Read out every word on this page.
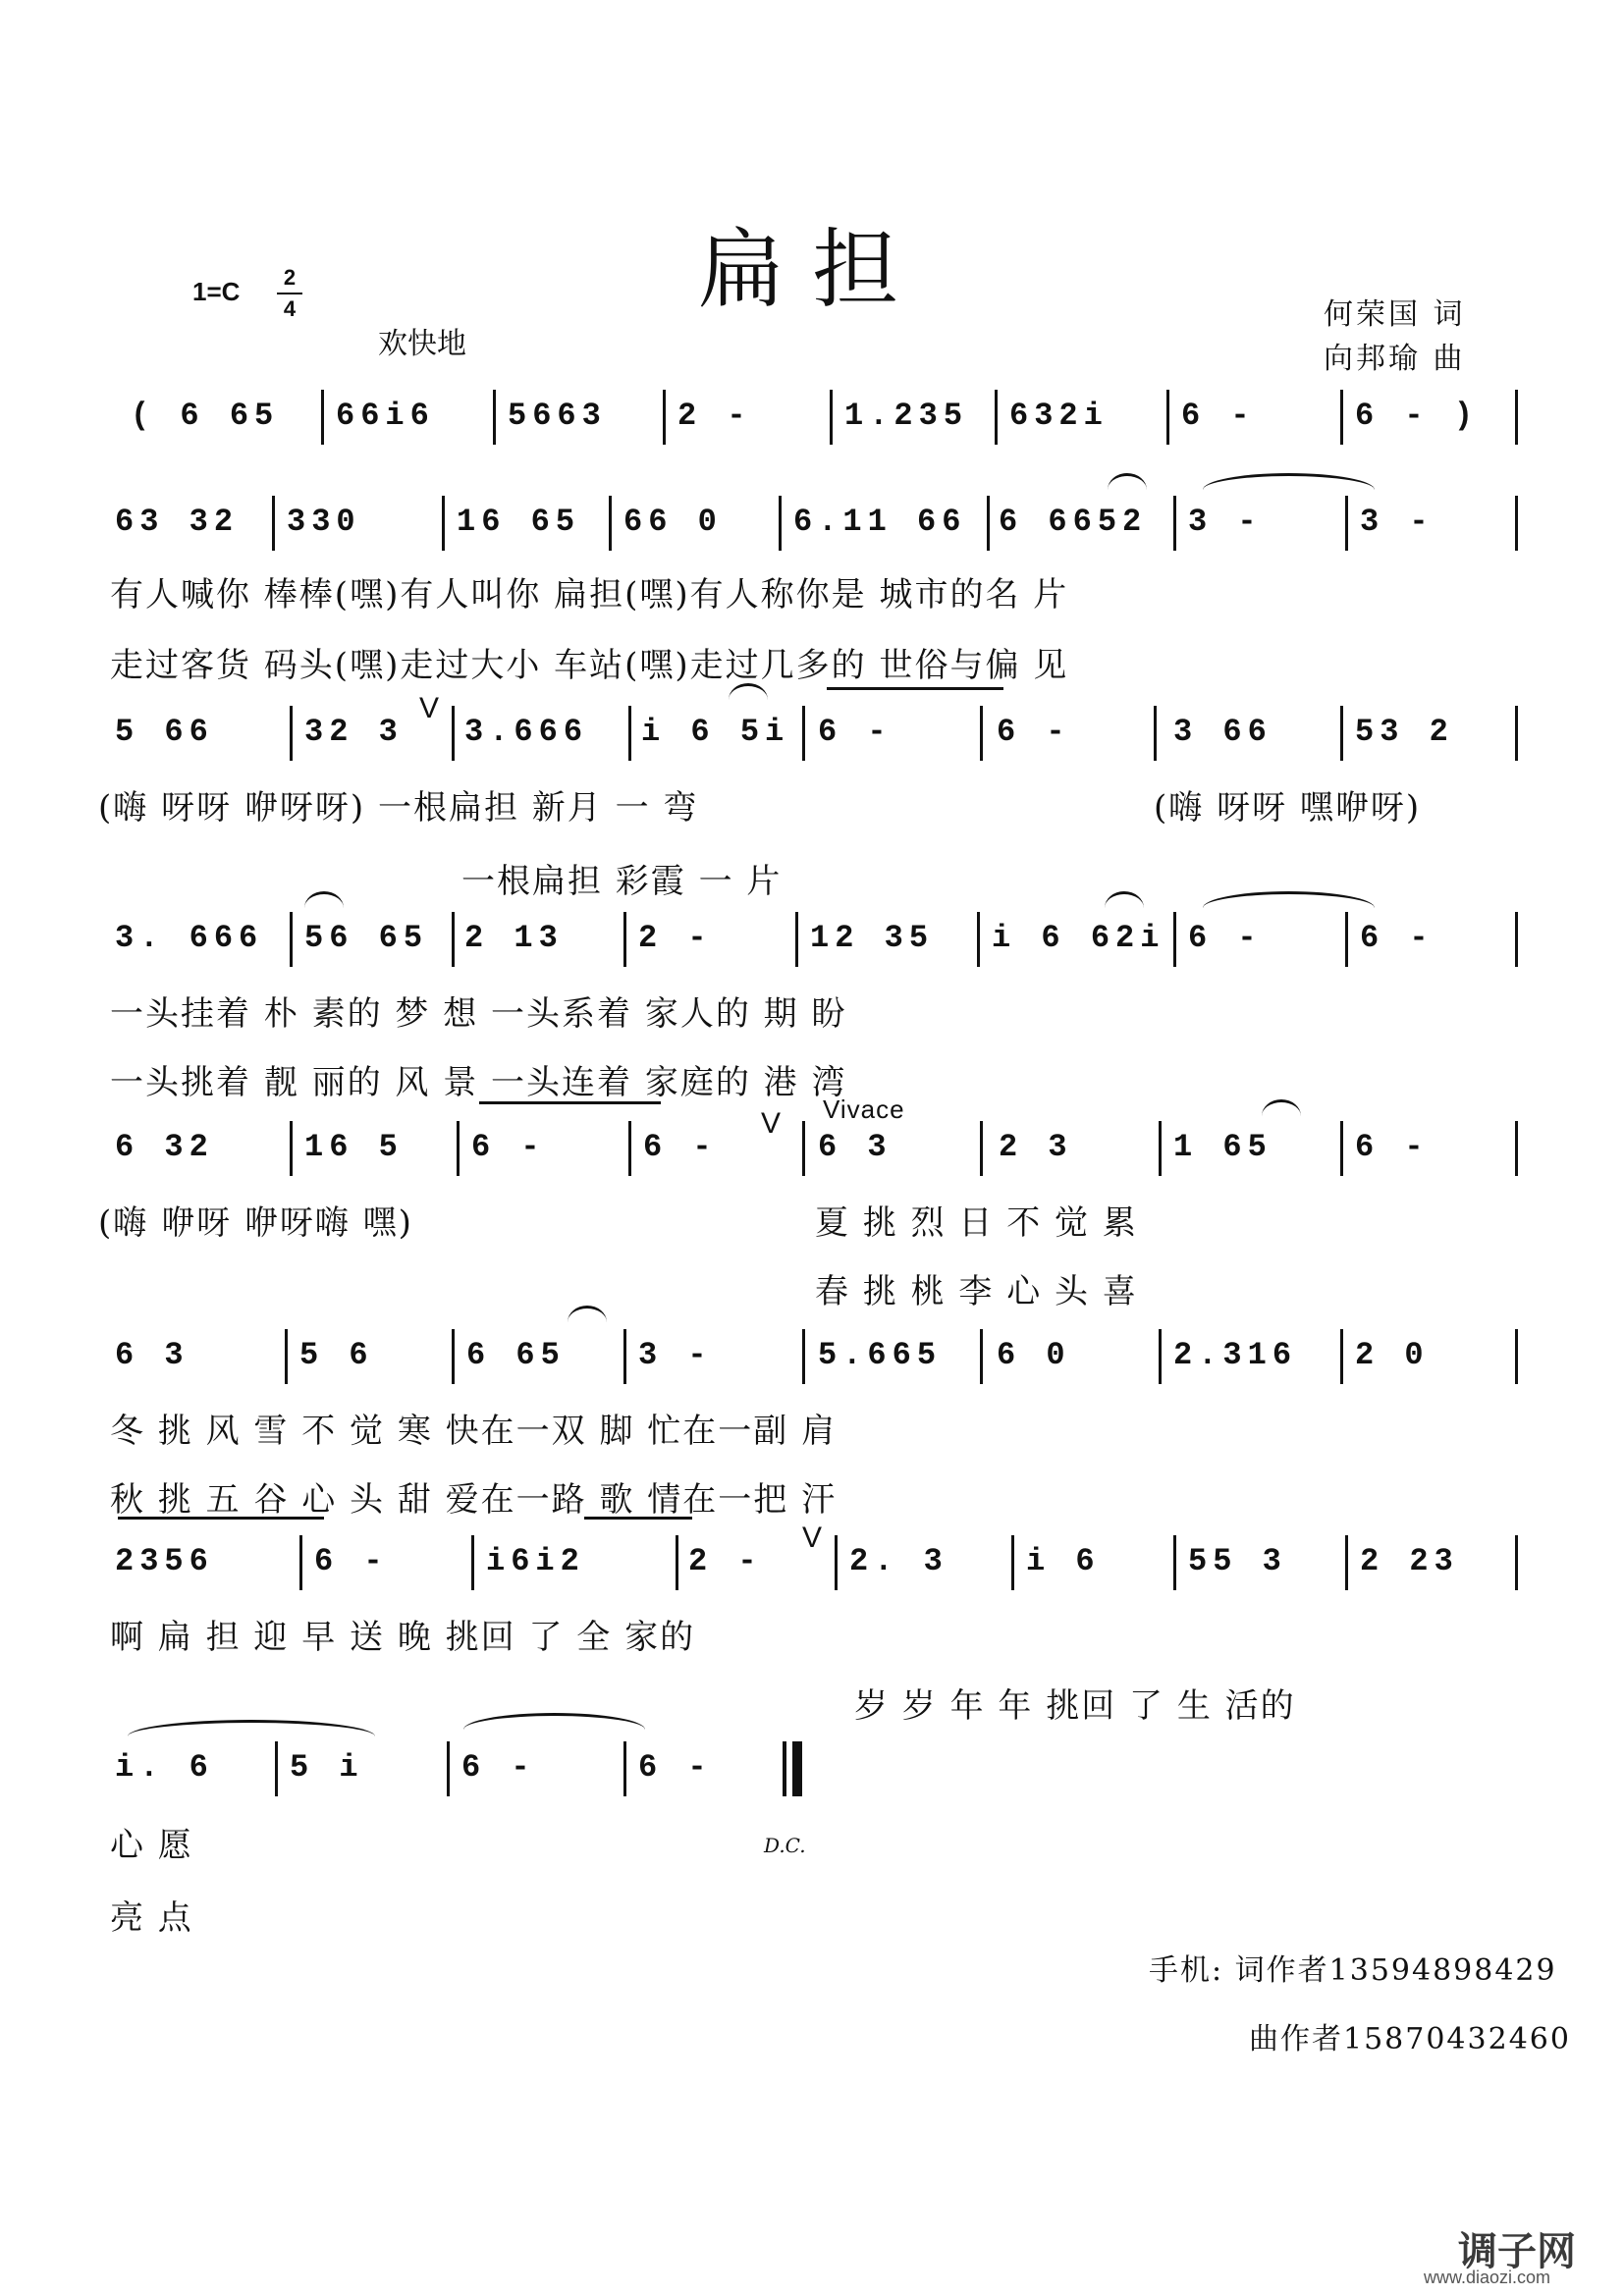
扁担
1=C	2
4
欢快地
何荣国 词
向邦瑜 曲
( 6 65 66i6 5663 2 -	1.235 632i 6 -	6 - )
63 32 330	16 65 66 0 6.11 66 6 6652 3 -	3 -
有人喊你 棒棒(嘿)有人叫你 扁担(嘿)有人称你是 城市的名 片
走过客货 码头(嘿)走过大小 车站(嘿)走过几多的 世俗与偏 见
5 66	32 3
V
3.666 i 6 5i 6 -	6 -	3 66	53 2
(嗨 呀呀 咿呀呀) 一根扁担 新月 一 弯	(嗨 呀呀 嘿咿呀)
一根扁担 彩霞 一 片
3. 666 56 65 2 13 2 -	12 35 i 6 62i 6 -	6 -
一头挂着 朴 素的 梦 想 一头系着 家人的 期 盼
一头挑着 靓 丽的 风 景 一头连着 家庭的 港 湾
Vivace
6 32	16 5 6 -	6 -
V
6 3	2 3	1 65	6 -
(嗨 咿呀 咿呀嗨 嘿)	夏 挑 烈 日 不 觉 累
春 挑 桃 李 心 头 喜
6 3	5 6	6 65 3 -	5.665 6 0	2.316 2 0
冬 挑 风 雪 不 觉 寒 快在一双 脚 忙在一副 肩
秋 挑 五 谷 心 头 甜 爱在一路 歌 情在一把 汗
2356	6 -	i6i2	2 -
V
2. 3 i 6	55 3 2 23
啊 扁 担 迎 早 送 晚 挑回 了 全 家的
岁 岁 年 年 挑回 了 生 活的
i. 6 5 i	6 -	6 -
心 愿	D.C.
亮 点
手机: 词作者13594898429
曲作者15870432460
调子网
www.diaozi.com
